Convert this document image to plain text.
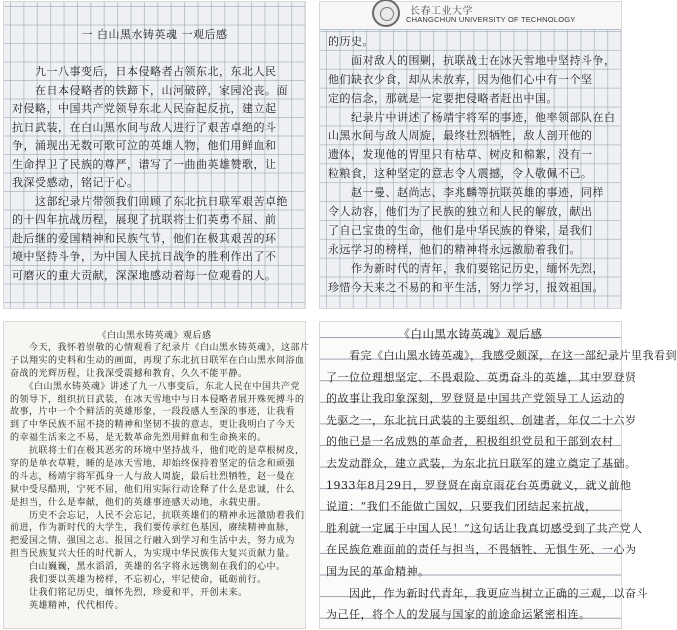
一 白山黑水铸英魂 一观后感
　　九一八事变后，日本侵略者占领东北，东北人民
　　在日本侵略者的铁蹄下，山河破碎，家园沦丧。面
对侵略，中国共产党领导东北人民奋起反抗，建立起
抗日武装，在白山黑水间与敌人进行了艰苦卓绝的斗
争，涌现出无数可歌可泣的英雄人物，他们用鲜血和
生命捍卫了民族的尊严，谱写了一曲曲英雄赞歌，让
我深受感动，铭记于心。
　　这部纪录片带领我们回顾了东北抗日联军艰苦卓绝
的十四年抗战历程，展现了抗联将士们英勇不屈、前
赴后继的爱国精神和民族气节，他们在极其艰苦的环
境中坚持斗争，为中国人民抗日战争的胜利作出了不
可磨灭的重大贡献，深深地感动着每一位观看的人。
长春工业大学
CHANGCHUN UNIVERSITY OF TECHNOLOGY
的历史。
　　面对敌人的围剿，抗联战士在冰天雪地中坚持斗争，
他们缺衣少食，却从未放弃，因为他们心中有一个坚
定的信念，那就是一定要把侵略者赶出中国。
　　纪录片中讲述了杨靖宇将军的事迹，他率领部队在白
山黑水间与敌人周旋，最终壮烈牺牲，敌人剖开他的
遗体，发现他的胃里只有枯草、树皮和棉絮，没有一
粒粮食，这种坚定的意志令人震撼，令人敬佩不已。
　　赵一曼、赵尚志、李兆麟等抗联英雄的事迹，同样
令人动容，他们为了民族的独立和人民的解放，献出
了自己宝贵的生命，他们是中华民族的脊梁，是我们
永远学习的榜样，他们的精神将永远激励着我们。
　　作为新时代的青年，我们要铭记历史，缅怀先烈，
珍惜今天来之不易的和平生活，努力学习，报效祖国。
《白山黑水铸英魂》观后感
　　今天，我怀着崇敬的心情观看了纪录片《白山黑水铸英魂》，这部片
子以翔实的史料和生动的画面，再现了东北抗日联军在白山黑水间浴血
奋战的光辉历程，让我深受震撼和教育，久久不能平静。
　　《白山黑水铸英魂》讲述了九一八事变后，东北人民在中国共产党
的领导下，组织抗日武装，在冰天雪地中与日本侵略者展开殊死搏斗的
故事，片中一个个鲜活的英雄形象，一段段感人至深的事迹，让我看
到了中华民族不屈不挠的精神和坚韧不拔的意志，更让我明白了今天
的幸福生活来之不易，是无数革命先烈用鲜血和生命换来的。
　　抗联将士们在极其恶劣的环境中坚持战斗，他们吃的是草根树皮，
穿的是单衣草鞋，睡的是冰天雪地，却始终保持着坚定的信念和顽强
的斗志，杨靖宇将军孤身一人与敌人周旋，最后壮烈牺牲，赵一曼在
狱中受尽酷刑，宁死不屈，他们用实际行动诠释了什么是忠诚，什么
是担当，什么是奉献，他们的英雄事迹感天动地，永载史册。
　　历史不会忘记，人民不会忘记，抗联英雄们的精神永远激励着我们
前进，作为新时代的大学生，我们要传承红色基因，赓续精神血脉，
把爱国之情、强国之志、报国之行融入到学习和生活中去，努力成为
担当民族复兴大任的时代新人，为实现中华民族伟大复兴贡献力量。
　　白山巍巍，黑水滔滔，英雄的名字将永远镌刻在我们的心中。
　　我们要以英雄为榜样，不忘初心，牢记使命，砥砺前行。
　　让我们铭记历史，缅怀先烈，珍爱和平，开创未来。
　　英雄精神，代代相传。
《白山黑水铸英魂》观后感
　　看完《白山黑水铸英魂》，我感受颇深，在这一部纪录片里我看到
了一位位理想坚定、不畏艰险、英勇奋斗的英雄，其中罗登贤
的故事让我印象深刻，罗登贤是中国共产党领导工人运动的
先驱之一，东北抗日武装的主要组织、创建者，年仅二十六岁
的他已是一名成熟的革命者，积极组织党员和干部到农村
去发动群众，建立武装，为东北抗日联军的建立奠定了基础。
1933年8月29日，罗登贤在南京雨花台英勇就义，就义前他
说道：“我们不能做亡国奴，只要我们团结起来抗战，
胜利就一定属于中国人民！”这句话让我真切感受到了共产党人
在民族危难面前的责任与担当，不畏牺牲、无惧生死、一心为
国为民的革命精神。
　　因此，作为新时代青年，我更应当树立正确的三观，以奋斗
为己任，将个人的发展与国家的前途命运紧密相连。
